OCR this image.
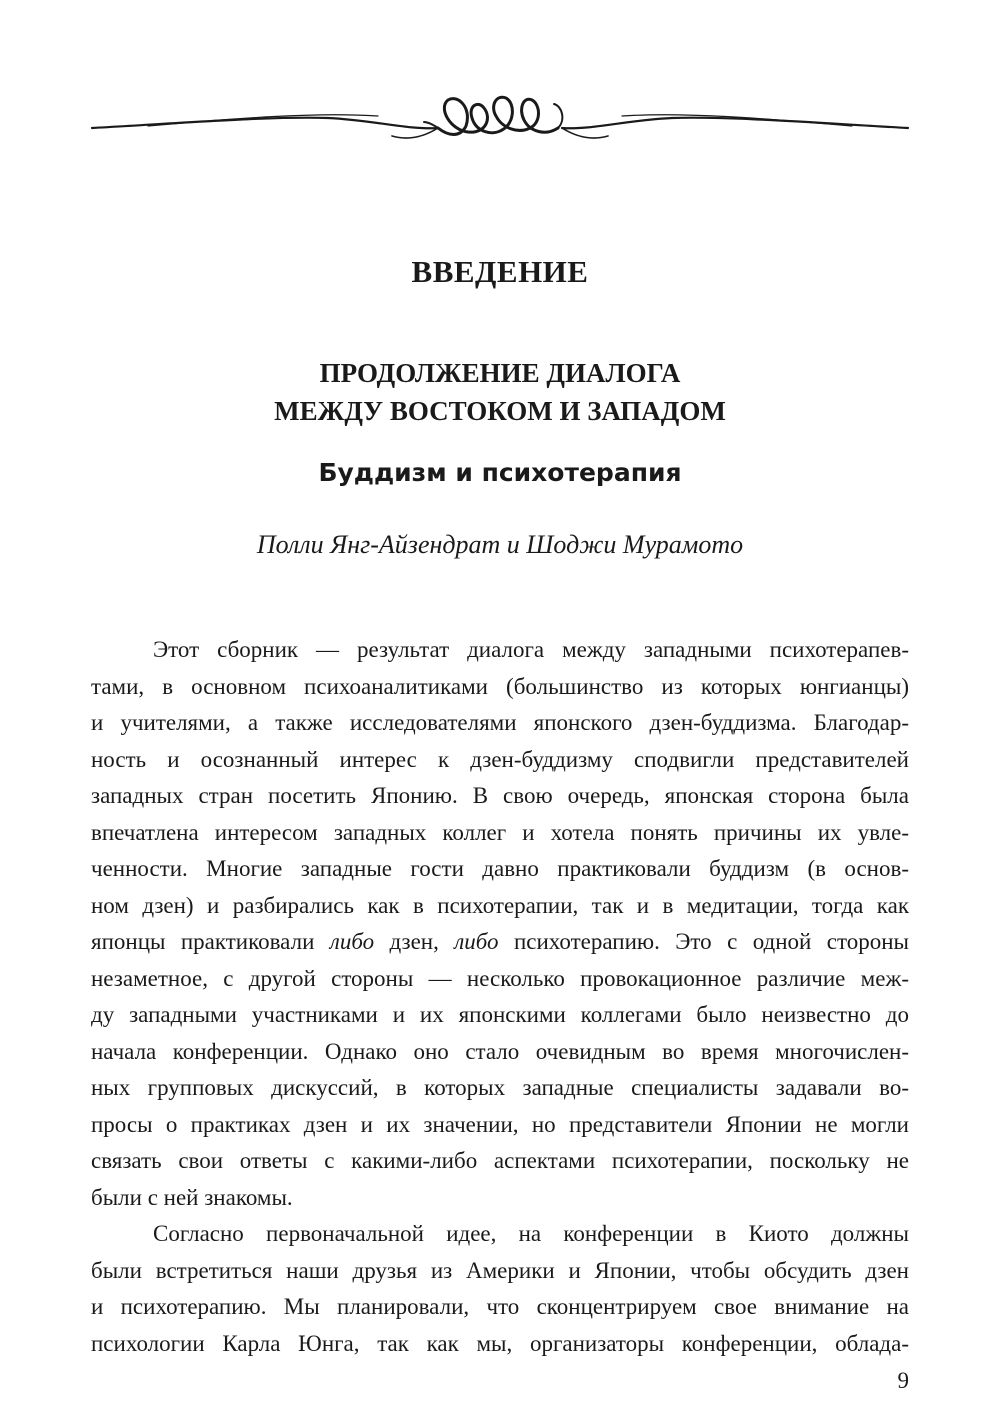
ВВЕДЕНИЕ
ПРОДОЛЖЕНИЕ ДИАЛОГА
МЕЖДУ ВОСТОКОМ И ЗАПАДОМ
Буддизм и психотерапия
Полли Янг-Айзендрат и Шоджи Мурамото
Этот сборник — результат диалога между западными психотерапев-
тами, в основном психоаналитиками (большинство из которых юнгианцы)
и учителями, а также исследователями японского дзен-буддизма. Благодар-
ность и осознанный интерес к дзен-буддизму сподвигли представителей
западных стран посетить Японию. В свою очередь, японская сторона была
впечатлена интересом западных коллег и хотела понять причины их увле-
ченности. Многие западные гости давно практиковали буддизм (в основ-
ном дзен) и разбирались как в психотерапии, так и в медитации, тогда как
японцы практиковали либо дзен, либо психотерапию. Это с одной стороны
незаметное, с другой стороны — несколько провокационное различие меж-
ду западными участниками и их японскими коллегами было неизвестно до
начала конференции. Однако оно стало очевидным во время многочислен-
ных групповых дискуссий, в которых западные специалисты задавали во-
просы о практиках дзен и их значении, но представители Японии не могли
связать свои ответы с какими-либо аспектами психотерапии, поскольку не
были с ней знакомы.
Согласно первоначальной идее, на конференции в Киото должны
были встретиться наши друзья из Америки и Японии, чтобы обсудить дзен
и психотерапию. Мы планировали, что сконцентрируем свое внимание на
психологии Карла Юнга, так как мы, организаторы конференции, облада-
9
